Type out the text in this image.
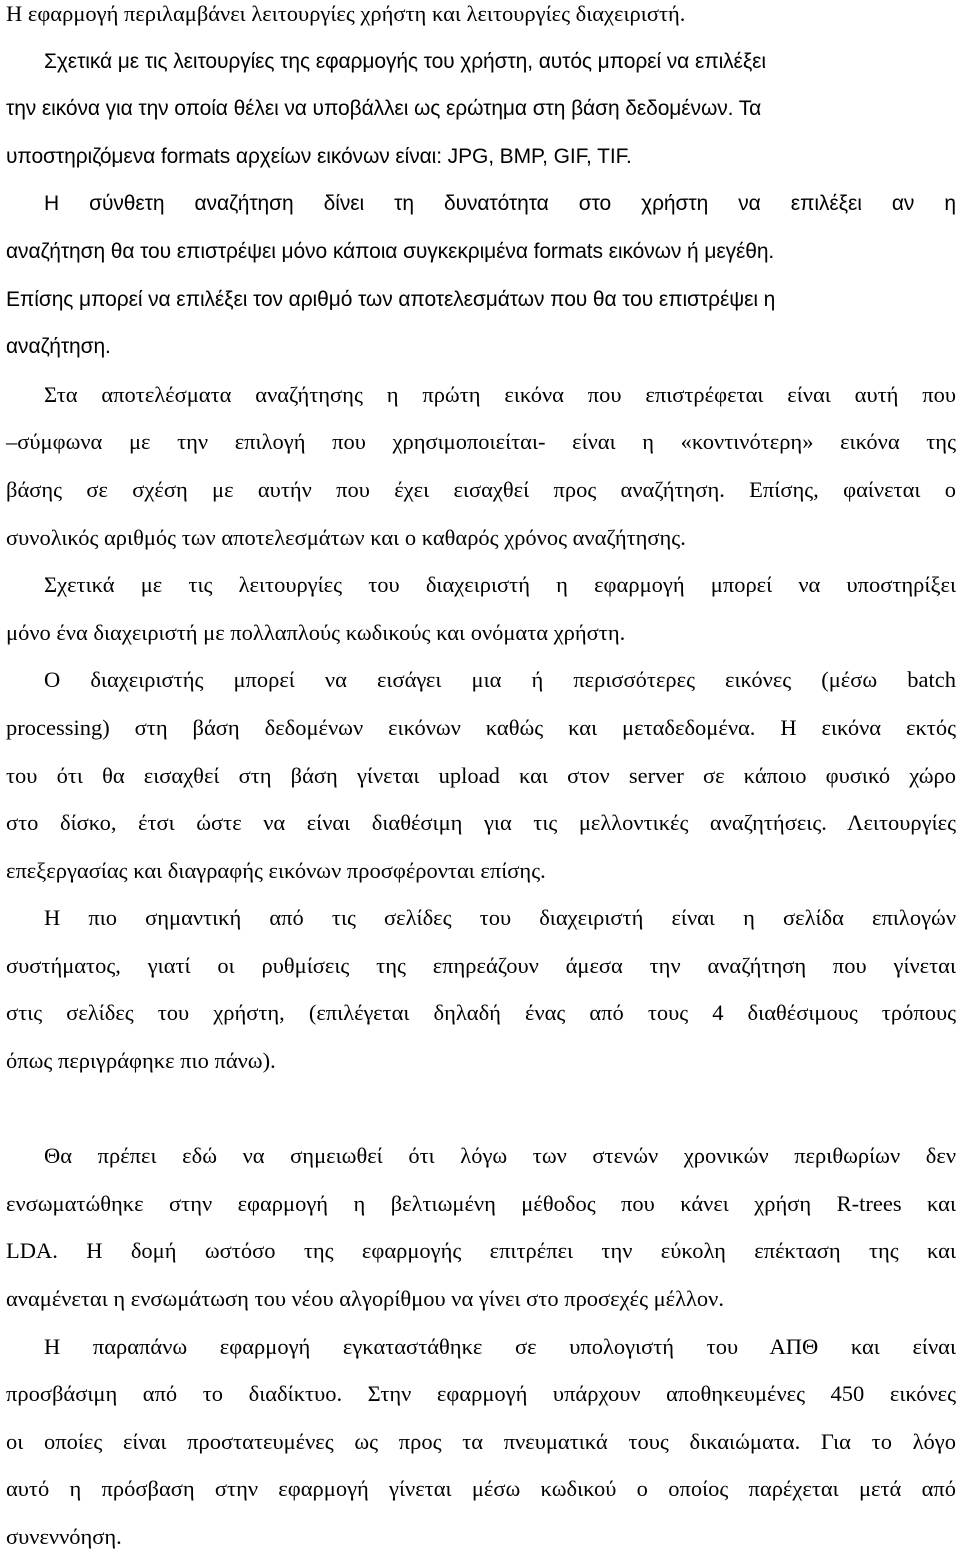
Η εφαρμογή περιλαμβάνει λειτουργίες χρήστη και λειτουργίες διαχειριστή.
Σχετικά με τις λειτουργίες της εφαρμογής του χρήστη, αυτός μπορεί να επιλέξει
την εικόνα για την οποία θέλει να υποβάλλει ως ερώτημα στη βάση δεδομένων. Τα
υποστηριζόμενα formats αρχείων εικόνων είναι: JPG, BMP, GIF, TIF.
Η σύνθετη αναζήτηση δίνει τη δυνατότητα στο χρήστη να επιλέξει αν η
αναζήτηση θα του επιστρέψει μόνο κάποια συγκεκριμένα formats εικόνων ή μεγέθη.
Επίσης μπορεί να επιλέξει τον αριθμό των αποτελεσμάτων που θα του επιστρέψει η
αναζήτηση.
Στα αποτελέσματα αναζήτησης η πρώτη εικόνα που επιστρέφεται είναι αυτή που
–σύμφωνα με την επιλογή που χρησιμοποιείται- είναι η «κοντινότερη» εικόνα της
βάσης σε σχέση με αυτήν που έχει εισαχθεί προς αναζήτηση. Επίσης, φαίνεται ο
συνολικός αριθμός των αποτελεσμάτων και ο καθαρός χρόνος αναζήτησης.
Σχετικά με τις λειτουργίες του διαχειριστή η εφαρμογή μπορεί να υποστηρίξει
μόνο ένα διαχειριστή με πολλαπλούς κωδικούς και ονόματα χρήστη.
Ο διαχειριστής μπορεί να εισάγει μια ή περισσότερες εικόνες (μέσω batch
processing) στη βάση δεδομένων εικόνων καθώς και μεταδεδομένα. Η εικόνα εκτός
του ότι θα εισαχθεί στη βάση γίνεται upload και στον server σε κάποιο φυσικό χώρο
στο δίσκο, έτσι ώστε να είναι διαθέσιμη για τις μελλοντικές αναζητήσεις. Λειτουργίες
επεξεργασίας και διαγραφής εικόνων προσφέρονται επίσης.
Η πιο σημαντική από τις σελίδες του διαχειριστή είναι η σελίδα επιλογών
συστήματος, γιατί οι ρυθμίσεις της επηρεάζουν άμεσα την αναζήτηση που γίνεται
στις σελίδες του χρήστη, (επιλέγεται δηλαδή ένας από τους 4 διαθέσιμους τρόπους
όπως περιγράφηκε πιο πάνω).
Θα πρέπει εδώ να σημειωθεί ότι λόγω των στενών χρονικών περιθωρίων δεν
ενσωματώθηκε στην εφαρμογή η βελτιωμένη μέθοδος που κάνει χρήση R-trees και
LDA. Η δομή ωστόσο της εφαρμογής επιτρέπει την εύκολη επέκταση της και
αναμένεται η ενσωμάτωση του νέου αλγορίθμου να γίνει στο προσεχές μέλλον.
Η παραπάνω εφαρμογή εγκαταστάθηκε σε υπολογιστή του ΑΠΘ και είναι
προσβάσιμη από το διαδίκτυο. Στην εφαρμογή υπάρχουν αποθηκευμένες 450 εικόνες
οι οποίες είναι προστατευμένες ως προς τα πνευματικά τους δικαιώματα. Για το λόγο
αυτό η πρόσβαση στην εφαρμογή γίνεται μέσω κωδικού ο οποίος παρέχεται μετά από
συνεννόηση.
